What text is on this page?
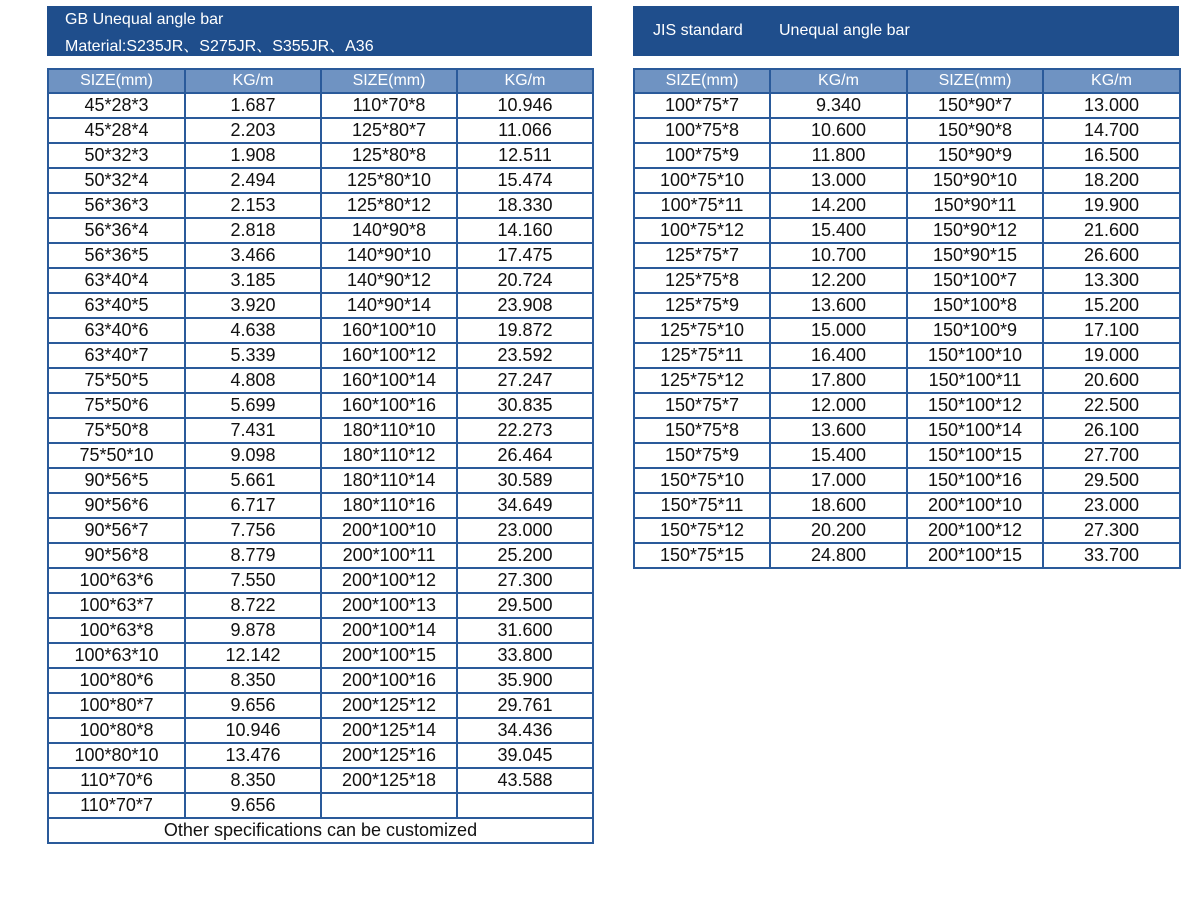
GB Unequal angle bar
Material:S235JR、S275JR、S355JR、A36
JIS standard Unequal angle bar
SIZE(mm)	KG/m	SIZE(mm)	KG/m
45*28*3	1.687	110*70*8	10.946
45*28*4	2.203	125*80*7	11.066
50*32*3	1.908	125*80*8	12.511
50*32*4	2.494	125*80*10	15.474
56*36*3	2.153	125*80*12	18.330
56*36*4	2.818	140*90*8	14.160
56*36*5	3.466	140*90*10	17.475
63*40*4	3.185	140*90*12	20.724
63*40*5	3.920	140*90*14	23.908
63*40*6	4.638	160*100*10	19.872
63*40*7	5.339	160*100*12	23.592
75*50*5	4.808	160*100*14	27.247
75*50*6	5.699	160*100*16	30.835
75*50*8	7.431	180*110*10	22.273
75*50*10	9.098	180*110*12	26.464
90*56*5	5.661	180*110*14	30.589
90*56*6	6.717	180*110*16	34.649
90*56*7	7.756	200*100*10	23.000
90*56*8	8.779	200*100*11	25.200
100*63*6	7.550	200*100*12	27.300
100*63*7	8.722	200*100*13	29.500
100*63*8	9.878	200*100*14	31.600
100*63*10	12.142	200*100*15	33.800
100*80*6	8.350	200*100*16	35.900
100*80*7	9.656	200*125*12	29.761
100*80*8	10.946	200*125*14	34.436
100*80*10	13.476	200*125*16	39.045
110*70*6	8.350	200*125*18	43.588
110*70*7	9.656		
Other specifications can be customized			
SIZE(mm)	KG/m	SIZE(mm)	KG/m
100*75*7	9.340	150*90*7	13.000
100*75*8	10.600	150*90*8	14.700
100*75*9	11.800	150*90*9	16.500
100*75*10	13.000	150*90*10	18.200
100*75*11	14.200	150*90*11	19.900
100*75*12	15.400	150*90*12	21.600
125*75*7	10.700	150*90*15	26.600
125*75*8	12.200	150*100*7	13.300
125*75*9	13.600	150*100*8	15.200
125*75*10	15.000	150*100*9	17.100
125*75*11	16.400	150*100*10	19.000
125*75*12	17.800	150*100*11	20.600
150*75*7	12.000	150*100*12	22.500
150*75*8	13.600	150*100*14	26.100
150*75*9	15.400	150*100*15	27.700
150*75*10	17.000	150*100*16	29.500
150*75*11	18.600	200*100*10	23.000
150*75*12	20.200	200*100*12	27.300
150*75*15	24.800	200*100*15	33.700
